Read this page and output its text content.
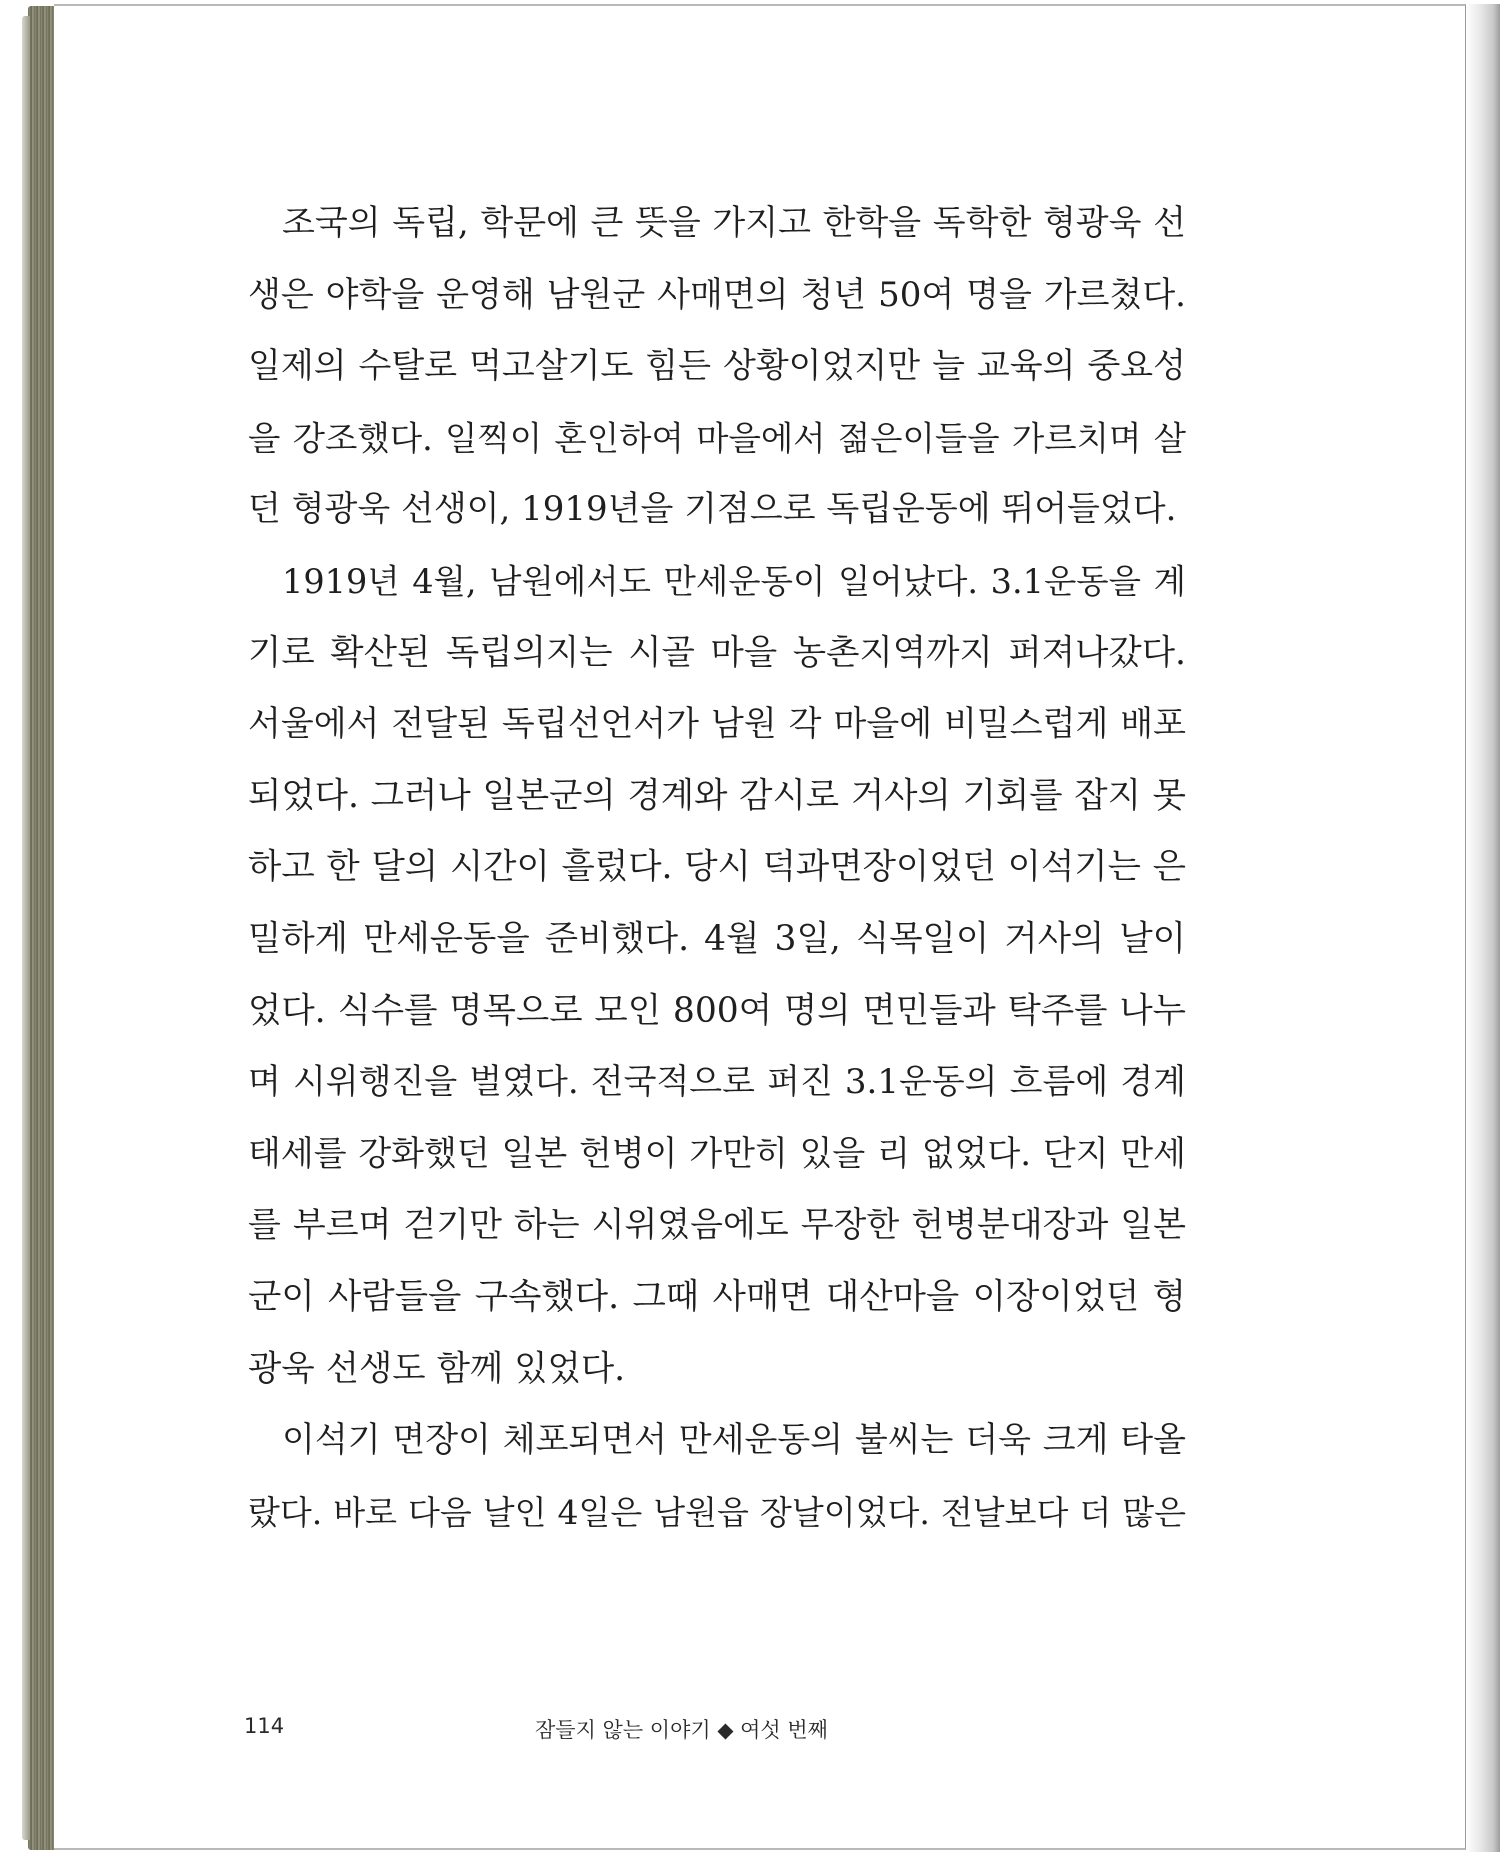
조국의 독립, 학문에 큰 뜻을 가지고 한학을 독학한 형광욱 선
생은 야학을 운영해 남원군 사매면의 청년 50여 명을 가르쳤다.
일제의 수탈로 먹고살기도 힘든 상황이었지만 늘 교육의 중요성
을 강조했다. 일찍이 혼인하여 마을에서 젊은이들을 가르치며 살
던 형광욱 선생이, 1919년을 기점으로 독립운동에 뛰어들었다.
1919년 4월, 남원에서도 만세운동이 일어났다. 3.1운동을 계
기로 확산된 독립의지는 시골 마을 농촌지역까지 퍼져나갔다.
서울에서 전달된 독립선언서가 남원 각 마을에 비밀스럽게 배포
되었다. 그러나 일본군의 경계와 감시로 거사의 기회를 잡지 못
하고 한 달의 시간이 흘렀다. 당시 덕과면장이었던 이석기는 은
밀하게 만세운동을 준비했다. 4월 3일, 식목일이 거사의 날이
었다. 식수를 명목으로 모인 800여 명의 면민들과 탁주를 나누
며 시위행진을 벌였다. 전국적으로 퍼진 3.1운동의 흐름에 경계
태세를 강화했던 일본 헌병이 가만히 있을 리 없었다. 단지 만세
를 부르며 걷기만 하는 시위였음에도 무장한 헌병분대장과 일본
군이 사람들을 구속했다. 그때 사매면 대산마을 이장이었던 형
광욱 선생도 함께 있었다.
이석기 면장이 체포되면서 만세운동의 불씨는 더욱 크게 타올
랐다. 바로 다음 날인 4일은 남원읍 장날이었다. 전날보다 더 많은
114	잠들지 않는 이야기 ◆ 여섯 번째
